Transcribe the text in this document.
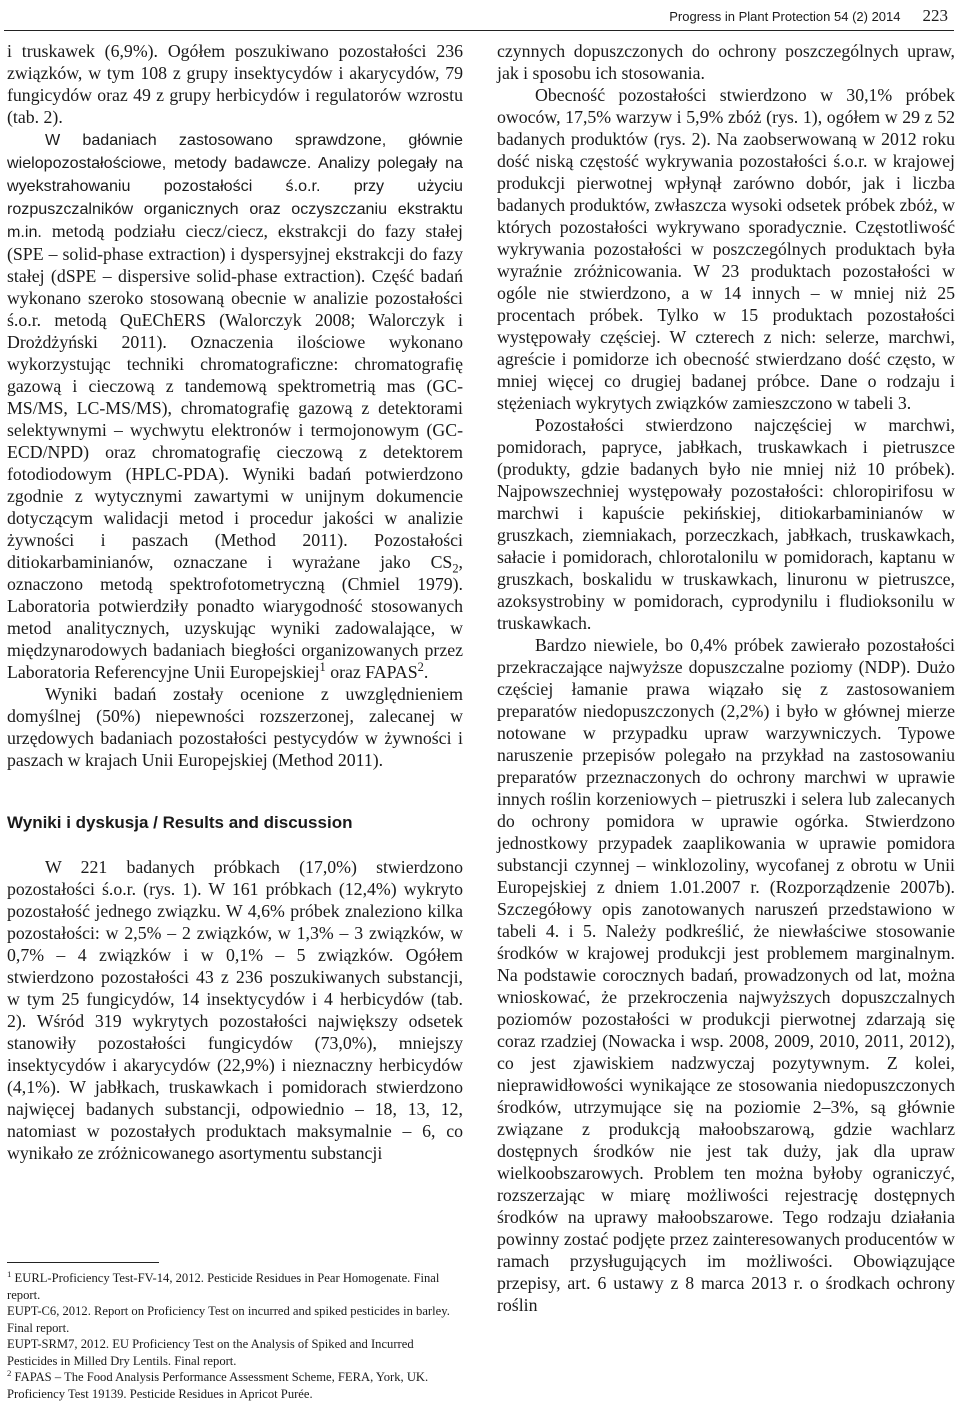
Progress in Plant Protection 54 (2) 2014 223

i truskawek (6,9%). Ogółem poszukiwano pozostałości 236 związków, w tym 108 z grupy insektycydów i akarycydów, 79 fungicydów oraz 49 z grupy herbicydów i regulatorów wzrostu (tab. 2).

W badaniach zastosowano sprawdzone, głównie wielopozostałościowe, metody badawcze. Analizy polegały na wyekstrahowaniu pozostałości ś.o.r. przy użyciu rozpuszczalników organicznych oraz oczyszczaniu ekstraktu m.in. metodą podziału ciecz/ciecz, ekstrakcji do fazy stałej (SPE – solid-phase extraction) i dyspersyjnej ekstrakcji do fazy stałej (dSPE – dispersive solid-phase extraction). Część badań wykonano szeroko stosowaną obecnie w analizie pozostałości ś.o.r. metodą QuEChERS (Walorczyk 2008; Walorczyk i Drożdżyński 2011). Oznaczenia ilościowe wykonano wykorzystując techniki chromatograficzne: chromatografię gazową i cieczową z tandemową spektrometrią mas (GC-MS/MS, LC-MS/MS), chromatografię gazową z detektorami selektywnymi – wychwytu elektronów i termojonowym (GC-ECD/NPD) oraz chromatografię cieczową z detektorem fotodiodowym (HPLC-PDA). Wyniki badań potwierdzono zgodnie z wytycznymi zawartymi w unijnym dokumencie dotyczącym walidacji metod i procedur jakości w analizie żywności i paszach (Method 2011). Pozostałości ditiokarbaminianów, oznaczane i wyrażane jako $CS_2$, oznaczono metodą spektrofotometryczną (Chmiel 1979). Laboratoria potwierdziły ponadto wiarygodność stosowanych metod analitycznych, uzyskując wyniki zadowalające, w międzynarodowych badaniach biegłości organizowanych przez Laboratoria Referencyjne Unii Europejskiej$^1$ oraz FAPAS$^2$.

Wyniki badań zostały ocenione z uwzględnieniem domyślnej (50%) niepewności rozszerzonej, zalecanej w urzędowych badaniach pozostałości pestycydów w żywności i paszach w krajach Unii Europejskiej (Method 2011).

Wyniki i dyskusja / Results and discussion

W 221 badanych próbkach (17,0%) stwierdzono pozostałości ś.o.r. (rys. 1). W 161 próbkach (12,4%) wykryto pozostałość jednego związku. W 4,6% próbek znaleziono kilka pozostałości: w 2,5% – 2 związków, w 1,3% – 3 związków, w 0,7% – 4 związków i w 0,1% – 5 związków. Ogółem stwierdzono pozostałości 43 z 236 poszukiwanych substancji, w tym 25 fungicydów, 14 insektycydów i 4 herbicydów (tab. 2). Wśród 319 wykrytych pozostałości największy odsetek stanowiły pozostałości fungicydów (73,0%), mniejszy insektycydów i akarycydów (22,9%) i nieznaczny herbicydów (4,1%). W jabłkach, truskawkach i pomidorach stwierdzono najwięcej badanych substancji, odpowiednio – 18, 13, 12, natomiast w pozostałych produktach maksymalnie – 6, co wynikało ze zróżnicowanego asortymentu substancji

$^1$ EURL-Proficiency Test-FV-14, 2012. Pesticide Residues in Pear Homogenate. Final report.

EUPT-C6, 2012. Report on Proficiency Test on incurred and spiked pesticides in barley. Final report.

EUPT-SRM7, 2012. EU Proficiency Test on the Analysis of Spiked and Incurred Pesticides in Milled Dry Lentils. Final report.

$^2$ FAPAS – The Food Analysis Performance Assessment Scheme, FERA, York, UK. Proficiency Test 19139. Pesticide Residues in Apricot Purée.

czynnych dopuszczonych do ochrony poszczególnych upraw, jak i sposobu ich stosowania.

Obecność pozostałości stwierdzono w 30,1% próbek owoców, 17,5% warzyw i 5,9% zbóż (rys. 1), ogółem w 29 z 52 badanych produktów (rys. 2). Na zaobserwowaną w 2012 roku dość niską częstość wykrywania pozostałości ś.o.r. w krajowej produkcji pierwotnej wpłynął zarówno dobór, jak i liczba badanych produktów, zwłaszcza wysoki odsetek próbek zbóż, w których pozostałości wykrywano sporadycznie. Częstotliwość wykrywania pozostałości w poszczególnych produktach była wyraźnie zróżnicowania. W 23 produktach pozostałości w ogóle nie stwierdzono, a w 14 innych – w mniej niż 25 procentach próbek. Tylko w 15 produktach pozostałości występowały częściej. W czterech z nich: selerze, marchwi, agreście i pomidorze ich obecność stwierdzano dość często, w mniej więcej co drugiej badanej próbce. Dane o rodzaju i stężeniach wykrytych związków zamieszczono w tabeli 3.

Pozostałości stwierdzono najczęściej w marchwi, pomidorach, papryce, jabłkach, truskawkach i pietruszce (produkty, gdzie badanych było nie mniej niż 10 próbek). Najpowszechniej występowały pozostałości: chloropirifosu w marchwi i kapuście pekińskiej, ditiokarbaminianów w gruszkach, ziemniakach, porzeczkach, jabłkach, truskawkach, sałacie i pomidorach, chlorotalonilu w pomidorach, kaptanu w gruszkach, boskalidu w truskawkach, linuronu w pietruszce, azoksystrobiny w pomidorach, cyprodynilu i fludioksonilu w truskawkach.

Bardzo niewiele, bo 0,4% próbek zawierało pozostałości przekraczające najwyższe dopuszczalne poziomy (NDP). Dużo częściej łamanie prawa wiązało się z zastosowaniem preparatów niedopuszczonych (2,2%) i było w głównej mierze notowane w przypadku upraw warzywniczych. Typowe naruszenie przepisów polegało na przykład na zastosowaniu preparatów przeznaczonych do ochrony marchwi w uprawie innych roślin korzeniowych – pietruszki i selera lub zalecanych do ochrony pomidora w uprawie ogórka. Stwierdzono jednostkowy przypadek zaaplikowania w uprawie pomidora substancji czynnej – winklozoliny, wycofanej z obrotu w Unii Europejskiej z dniem 1.01.2007 r. (Rozporządzenie 2007b). Szczegółowy opis zanotowanych naruszeń przedstawiono w tabeli 4. i 5. Należy podkreślić, że niewłaściwe stosowanie środków w krajowej produkcji jest problemem marginalnym. Na podstawie corocznych badań, prowadzonych od lat, można wnioskować, że przekroczenia najwyższych dopuszczalnych poziomów pozostałości w produkcji pierwotnej zdarzają się coraz rzadziej (Nowacka i wsp. 2008, 2009, 2010, 2011, 2012), co jest zjawiskiem nadzwyczaj pozytywnym. Z kolei, nieprawidłowości wynikające ze stosowania niedopuszczonych środków, utrzymujące się na poziomie 2–3%, są głównie związane z produkcją małoobszarową, gdzie wachlarz dostępnych środków nie jest tak duży, jak dla upraw wielkoobszarowych. Problem ten można byłoby ograniczyć, rozszerzając w miarę możliwości rejestrację dostępnych środków na uprawy małoobszarowe. Tego rodzaju działania powinny zostać podjęte przez zainteresowanych producentów w ramach przysługujących im możliwości. Obowiązujące przepisy, art. 6 ustawy z 8 marca 2013 r. o środkach ochrony roślin
